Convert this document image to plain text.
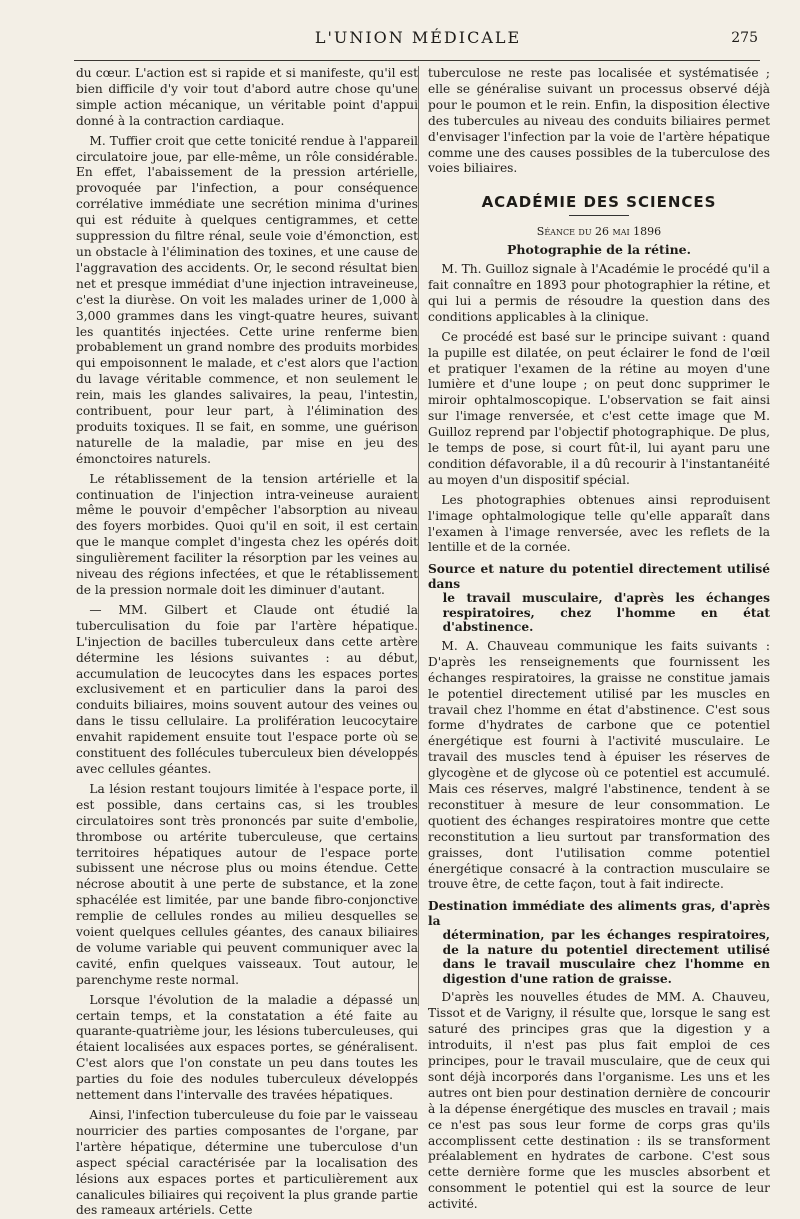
L'UNION MÉDICALE	275

du cœur. L'action est si rapide et si manifeste, qu'il est bien difficile d'y voir tout d'abord autre chose qu'une simple action mécanique, un véritable point d'appui donné à la contraction cardiaque.

M. Tuffier croit que cette tonicité rendue à l'appareil circulatoire joue, par elle-même, un rôle considérable. En effet, l'abaissement de la pression artérielle, provoquée par l'infection, a pour conséquence corrélative immédiate une secrétion minima d'urines qui est réduite à quelques centigrammes, et cette suppression du filtre rénal, seule voie d'émonction, est un obstacle à l'élimination des toxines, et une cause de l'aggravation des accidents. Or, le second résultat bien net et presque immédiat d'une injection intraveineuse, c'est la diurèse. On voit les malades uriner de 1,000 à 3,000 grammes dans les vingt-quatre heures, suivant les quantités injectées. Cette urine renferme bien probablement un grand nombre des produits morbides qui empoisonnent le malade, et c'est alors que l'action du lavage véritable commence, et non seulement le rein, mais les glandes salivaires, la peau, l'intestin, contribuent, pour leur part, à l'élimination des produits toxiques. Il se fait, en somme, une guérison naturelle de la maladie, par mise en jeu des émonctoires naturels.

Le rétablissement de la tension artérielle et la continuation de l'injection intra-veineuse auraient même le pouvoir d'empêcher l'absorption au niveau des foyers morbides. Quoi qu'il en soit, il est certain que le manque complet d'ingesta chez les opérés doit singulièrement faciliter la résorption par les veines au niveau des régions infectées, et que le rétablissement de la pression normale doit les diminuer d'autant.

— MM. Gilbert et Claude ont étudié la tuberculisation du foie par l'artère hépatique. L'injection de bacilles tuberculeux dans cette artère détermine les lésions suivantes : au début, accumulation de leucocytes dans les espaces portes exclusivement et en particulier dans la paroi des conduits biliaires, moins souvent autour des veines ou dans le tissu cellulaire. La prolifération leucocytaire envahit rapidement ensuite tout l'espace porte où se constituent des follécules tuberculeux bien développés avec cellules géantes.

La lésion restant toujours limitée à l'espace porte, il est possible, dans certains cas, si les troubles circulatoires sont très prononcés par suite d'embolie, thrombose ou artérite tuberculeuse, que certains territoires hépatiques autour de l'espace porte subissent une nécrose plus ou moins étendue. Cette nécrose aboutit à une perte de substance, et la zone sphacélée est limitée, par une bande fibro-conjonctive remplie de cellules rondes au milieu desquelles se voient quelques cellules géantes, des canaux biliaires de volume variable qui peuvent communiquer avec la cavité, enfin quelques vaisseaux. Tout autour, le parenchyme reste normal.

Lorsque l'évolution de la maladie a dépassé un certain temps, et la constatation a été faite au quarante-quatrième jour, les lésions tuberculeuses, qui étaient localisées aux espaces portes, se généralisent. C'est alors que l'on constate un peu dans toutes les parties du foie des nodules tuberculeux développés nettement dans l'intervalle des travées hépatiques.

Ainsi, l'infection tuberculeuse du foie par le vaisseau nourricier des parties composantes de l'organe, par l'artère hépatique, détermine une tuberculose d'un aspect spécial caractérisée par la localisation des lésions aux espaces portes et particulièrement aux canalicules biliaires qui reçoivent la plus grande partie des rameaux artériels. Cette

tuberculose ne reste pas localisée et systématisée ; elle se généralise suivant un processus observé déjà pour le poumon et le rein. Enfin, la disposition élective des tubercules au niveau des conduits biliaires permet d'envisager l'infection par la voie de l'artère hépatique comme une des causes possibles de la tuberculose des voies biliaires.

ACADÉMIE DES SCIENCES
Séance du 26 mai 1896
Photographie de la rétine.

M. Th. Guilloz signale à l'Académie le procédé qu'il a fait connaître en 1893 pour photographier la rétine, et qui lui a permis de résoudre la question dans des conditions applicables à la clinique.

Ce procédé est basé sur le principe suivant : quand la pupille est dilatée, on peut éclairer le fond de l'œil et pratiquer l'examen de la rétine au moyen d'une lumière et d'une loupe ; on peut donc supprimer le miroir ophtalmoscopique. L'observation se fait ainsi sur l'image renversée, et c'est cette image que M. Guilloz reprend par l'objectif photographique. De plus, le temps de pose, si court fût-il, lui ayant paru une condition défavorable, il a dû recourir à l'instantanéité au moyen d'un dispositif spécial.

Les photographies obtenues ainsi reproduisent l'image ophtalmologique telle qu'elle apparaît dans l'examen à l'image renversée, avec les reflets de la lentille et de la cornée.

Source et nature du potentiel directement utilisé dans
le travail musculaire, d'après les échanges respiratoires, chez l'homme en état d'abstinence.

M. A. Chauveau communique les faits suivants : D'après les renseignements que fournissent les échanges respiratoires, la graisse ne constitue jamais le potentiel directement utilisé par les muscles en travail chez l'homme en état d'abstinence. C'est sous forme d'hydrates de carbone que ce potentiel énergétique est fourni à l'activité musculaire. Le travail des muscles tend à épuiser les réserves de glycogène et de glycose où ce potentiel est accumulé. Mais ces réserves, malgré l'abstinence, tendent à se reconstituer à mesure de leur consommation. Le quotient des échanges respiratoires montre que cette reconstitution a lieu surtout par transformation des graisses, dont l'utilisation comme potentiel énergétique consacré à la contraction musculaire se trouve être, de cette façon, tout à fait indirecte.

Destination immédiate des aliments gras, d'après la
détermination, par les échanges respiratoires, de la nature du potentiel directement utilisé dans le travail musculaire chez l'homme en digestion d'une ration de graisse.

D'après les nouvelles études de MM. A. Chauveu, Tissot et de Varigny, il résulte que, lorsque le sang est saturé des principes gras que la digestion y a introduits, il n'est pas plus fait emploi de ces principes, pour le travail musculaire, que de ceux qui sont déjà incorporés dans l'organisme. Les uns et les autres ont bien pour destination dernière de concourir à la dépense énergétique des muscles en travail ; mais ce n'est pas sous leur forme de corps gras qu'ils accomplissent cette destination : ils se transforment préalablement en hydrates de carbone. C'est sous cette dernière forme que les muscles absorbent et consomment le potentiel qui est la source de leur activité.
